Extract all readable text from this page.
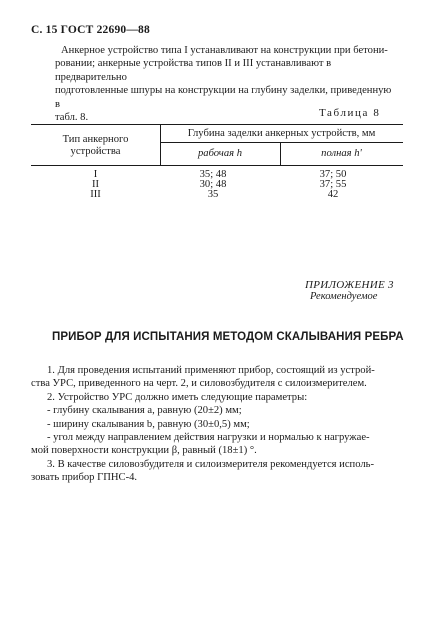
С. 15 ГОСТ 22690—88
Анкерное устройство типа I устанавливают на конструкции при бетони-
ровании; анкерные устройства типов II и III устанавливают в предварительно
подготовленные шпуры на конструкции на глубину заделки, приведенную в
табл. 8.	Таблица 8
Тип анкерного
устройства
Глубина заделки анкерных устройств, мм
рабочая h	полная h'
I	35; 48	37; 50
II	30; 48	37; 55
III	35	42
ПРИЛОЖЕНИЕ 3
Рекомендуемое
ПРИБОР ДЛЯ ИСПЫТАНИЯ МЕТОДОМ СКАЛЫВАНИЯ РЕБРА

1. Для проведения испытаний применяют прибор, состоящий из устрой-

ства УРС, приведенного на черт. 2, и силовозбудителя с силоизмерителем.

2. Устройство УРС должно иметь следующие параметры:

- глубину скалывания a, равную (20±2) мм;

- ширину скалывания b, равную (30±0,5) мм;

- угол между направлением действия нагрузки и нормалью к нагружае-

мой поверхности конструкции β, равный (18±1) °.

3. В качестве силовозбудителя и силоизмерителя рекомендуется исполь-

зовать прибор ГПНС-4.
